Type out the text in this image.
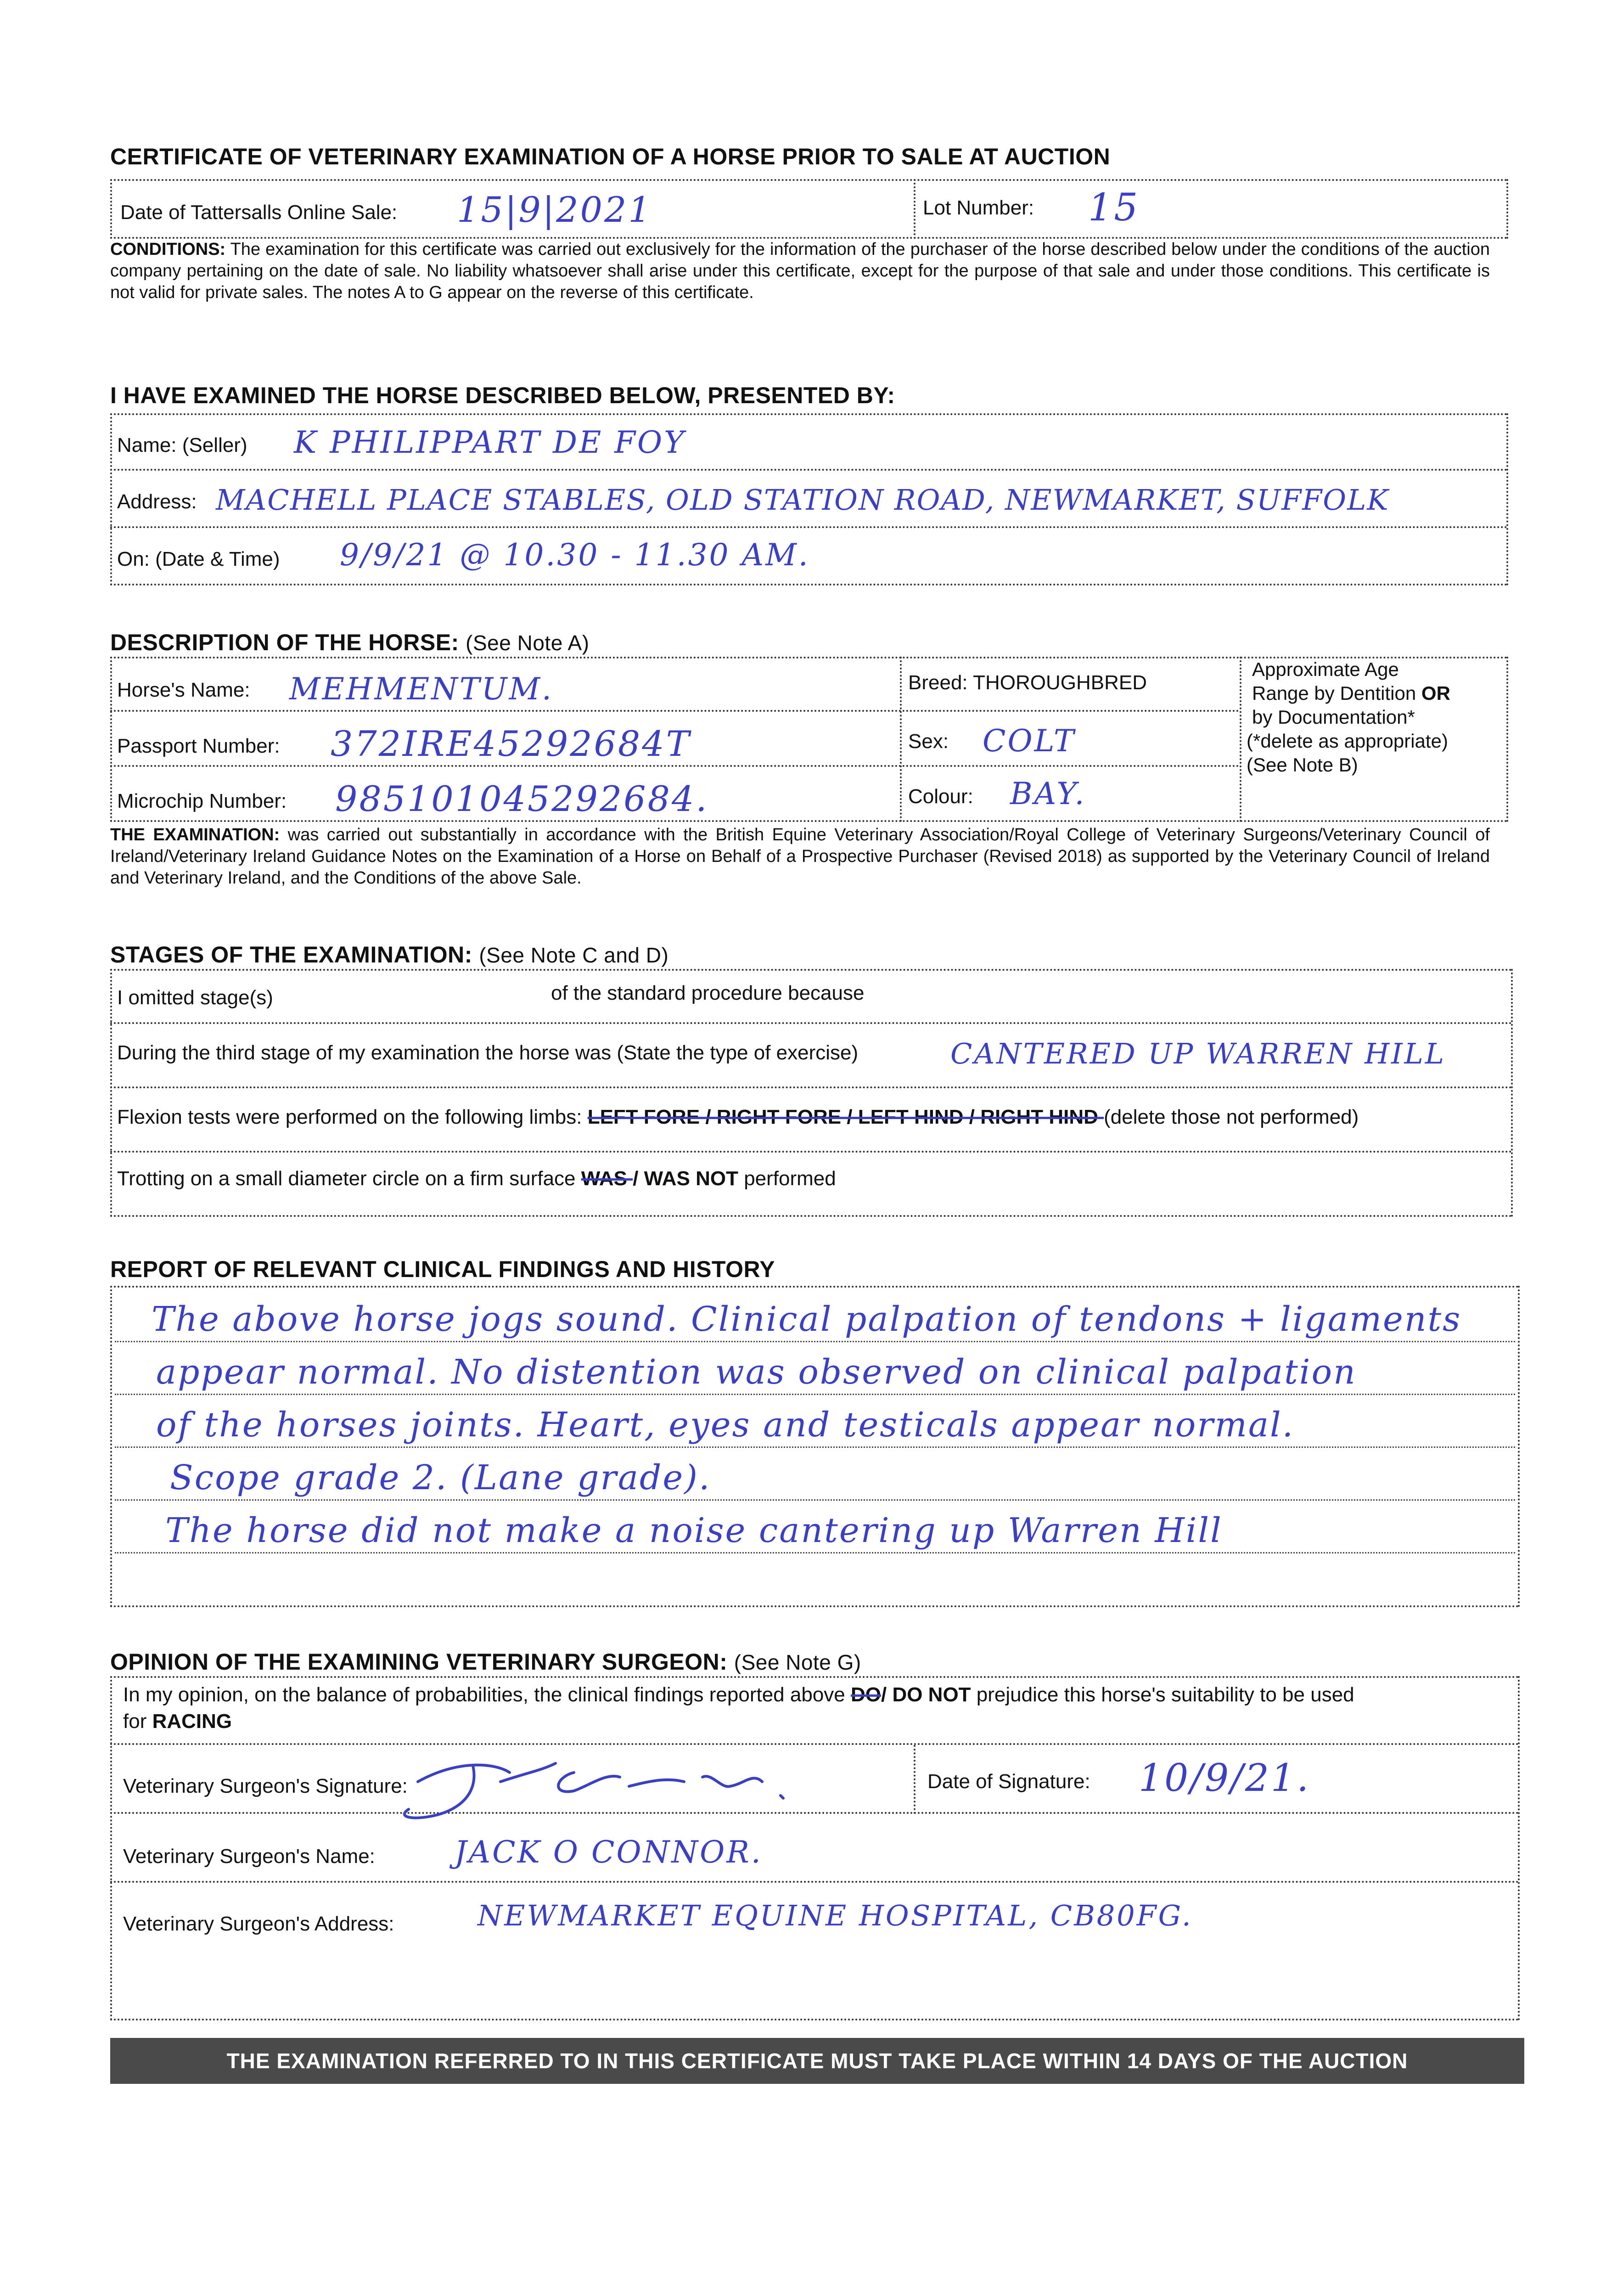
CERTIFICATE OF VETERINARY EXAMINATION OF A HORSE PRIOR TO SALE AT AUCTION
Date of Tattersalls Online Sale: 15|9|2021	Lot Number: 15
CONDITIONS: The examination for this certificate was carried out exclusively for the information of the purchaser of the horse described below under the conditions of the auction company pertaining on the date of sale. No liability whatsoever shall arise under this certificate, except for the purpose of that sale and under those conditions. This certificate is not valid for private sales. The notes A to G appear on the reverse of this certificate.
I HAVE EXAMINED THE HORSE DESCRIBED BELOW, PRESENTED BY:
Name: (Seller) K PHILIPPART DE FOY
Address: MACHELL PLACE STABLES, OLD STATION ROAD, NEWMARKET, SUFFOLK
On: (Date & Time) 9/9/21 @ 10.30 - 11.30 AM.
DESCRIPTION OF THE HORSE: (See Note A)
Horse's Name: MEHMENTUM.
Passport Number: 372IRE45292684T
Microchip Number: 985101045292684.
Breed: THOROUGHBRED
Sex: COLT
Colour: BAY.
Approximate Age
Range by Dentition OR
by Documentation*
(*delete as appropriate)
(See Note B)
THE EXAMINATION: was carried out substantially in accordance with the British Equine Veterinary Association/Royal College of Veterinary Surgeons/Veterinary Council of Ireland/Veterinary Ireland Guidance Notes on the Examination of a Horse on Behalf of a Prospective Purchaser (Revised 2018) as supported by the Veterinary Council of Ireland and Veterinary Ireland, and the Conditions of the above Sale.
STAGES OF THE EXAMINATION: (See Note C and D)
I omitted stage(s)	of the standard procedure because
During the third stage of my examination the horse was (State the type of exercise)	CANTERED UP WARREN HILL
Flexion tests were performed on the following limbs: LEFT FORE / RIGHT FORE / LEFT HIND / RIGHT HIND (delete those not performed)
Trotting on a small diameter circle on a firm surface WAS / WAS NOT performed
REPORT OF RELEVANT CLINICAL FINDINGS AND HISTORY
The above horse jogs sound. Clinical palpation of tendons + ligaments
appear normal. No distention was observed on clinical palpation
of the horses joints. Heart, eyes and testicals appear normal.
Scope grade 2. (Lane grade).
The horse did not make a noise cantering up Warren Hill
OPINION OF THE EXAMINING VETERINARY SURGEON: (See Note G)
In my opinion, on the balance of probabilities, the clinical findings reported above DO/ DO NOT prejudice this horse's suitability to be used
for RACING
Veterinary Surgeon's Signature:	Date of Signature: 10/9/21.
Veterinary Surgeon's Name:	JACK O CONNOR.
Veterinary Surgeon's Address:	NEWMARKET EQUINE HOSPITAL, CB80FG.
THE EXAMINATION REFERRED TO IN THIS CERTIFICATE MUST TAKE PLACE WITHIN 14 DAYS OF THE AUCTION
